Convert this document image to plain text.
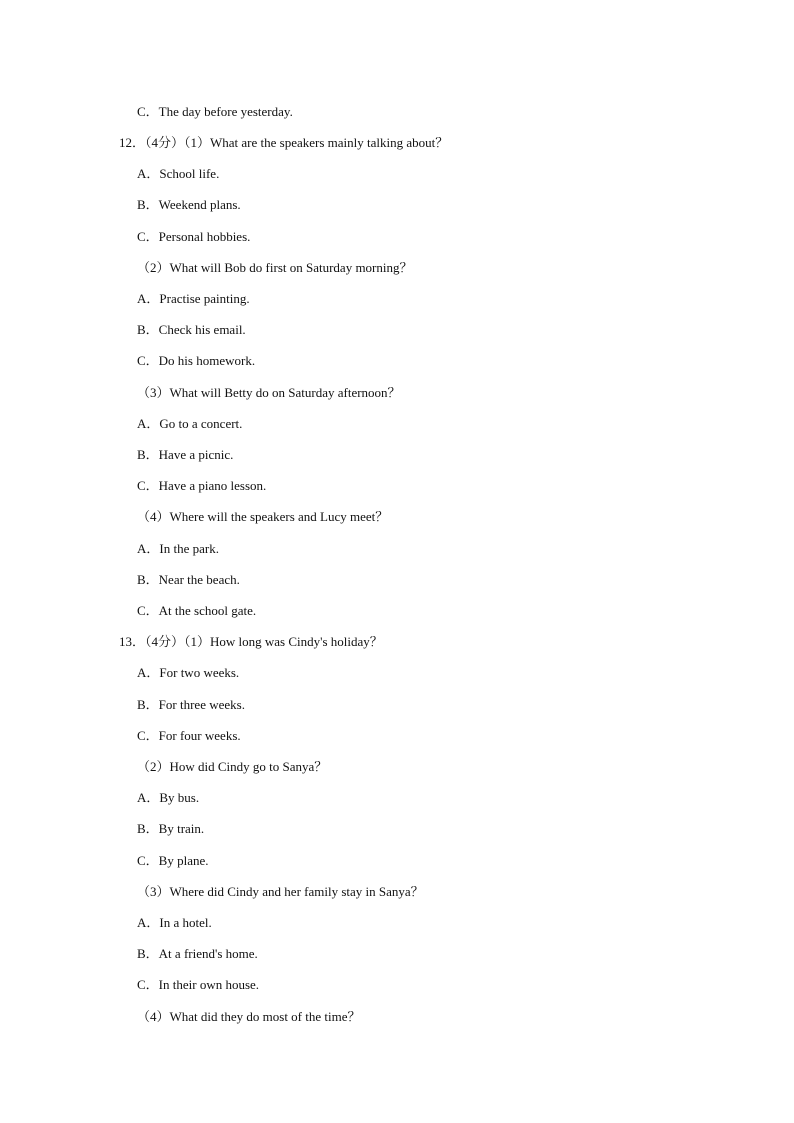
C．The day before yesterday.
12．（4分）（1）What are the speakers mainly talking about？
A．School life.
B．Weekend plans.
C．Personal hobbies.
（2）What will Bob do first on Saturday morning？
A．Practise painting.
B．Check his email.
C．Do his homework.
（3）What will Betty do on Saturday afternoon？
A．Go to a concert.
B．Have a picnic.
C．Have a piano lesson.
（4）Where will the speakers and Lucy meet？
A．In the park.
B．Near the beach.
C．At the school gate.
13．（4分）（1）How long was Cindy's holiday？
A．For two weeks.
B．For three weeks.
C．For four weeks.
（2）How did Cindy go to Sanya？
A．By bus.
B．By train.
C．By plane.
（3）Where did Cindy and her family stay in Sanya？
A．In a hotel.
B．At a friend's home.
C．In their own house.
（4）What did they do most of the time？
